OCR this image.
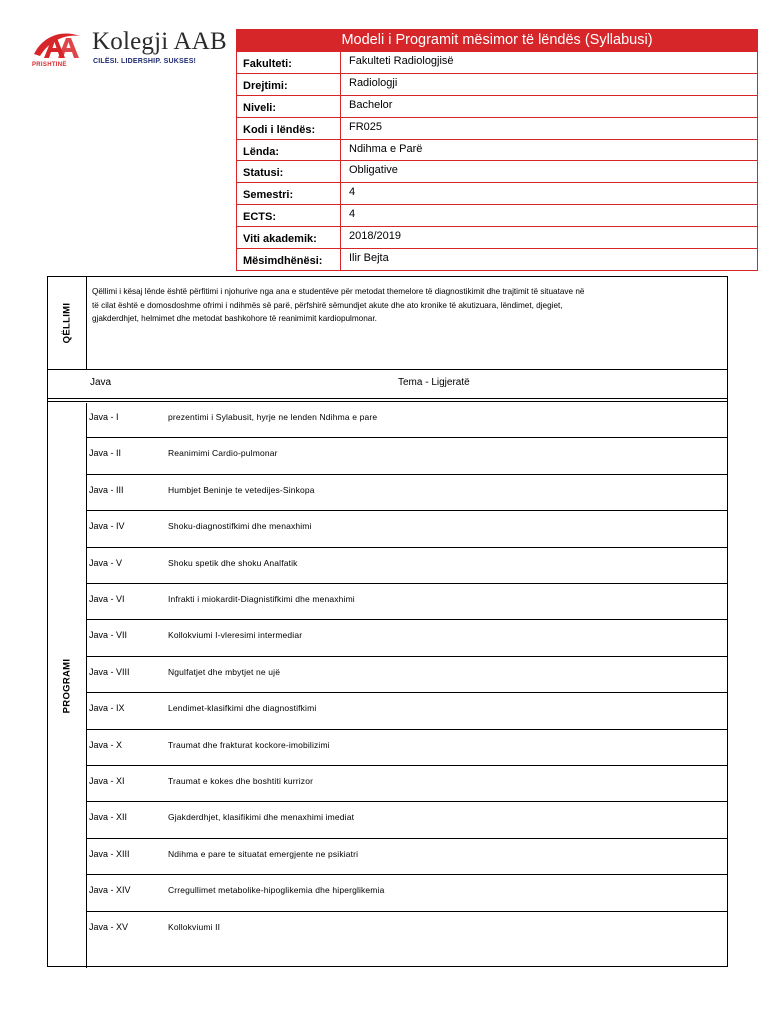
PRISHTINË
Kolegji AAB
CILËSI. LIDERSHIP. SUKSES!
Modeli i Programit mësimor të lëndës (Syllabusi)
Fakulteti:	Fakulteti Radiologjisë
Drejtimi:	Radiologji
Niveli:	Bachelor
Kodi i lëndës:	FR025
Lënda:	Ndihma e Parë
Statusi:	Obligative
Semestri:	4
ECTS:	4
Viti akademik:	2018/2019
Mësimdhënësi:	Ilir Bejta
QËLLIMI
Qëllimi i kësaj lënde është përfitimi i njohurive nga ana e studentëve për metodat themelore të diagnostikimit dhe trajtimit të situatave në
të cilat është e domosdoshme ofrimi i ndihmës së parë, përfshirë sëmundjet akute dhe ato kronike të akutizuara, lëndimet, djegiet,
gjakderdhjet, helmimet dhe metodat bashkohore të reanimimit kardiopulmonar.
Java	Tema - Ligjeratë
PROGRAMI
Java - I	prezentimi i Sylabusit, hyrje ne lenden Ndihma e pare
Java - II	Reanimimi Cardio-pulmonar
Java - III	Humbjet Beninje te vetedijes-Sinkopa
Java - IV	Shoku-diagnostifkimi dhe menaxhimi
Java - V	Shoku spetik dhe shoku Analfatik
Java - VI	Infrakti i miokardit-Diagnistifkimi dhe menaxhimi
Java - VII	Kollokviumi I-vleresimi intermediar
Java - VIII	Ngulfatjet dhe mbytjet ne ujë
Java - IX	Lendimet-klasifkimi dhe diagnostifkimi
Java - X	Traumat dhe frakturat kockore-imobilizimi
Java - XI	Traumat e kokes dhe boshtiti kurrizor
Java - XII	Gjakderdhjet, klasifikimi dhe menaxhimi imediat
Java - XIII	Ndihma e pare te situatat emergjente ne psikiatri
Java - XIV	Crregullimet metabolike-hipoglikemia dhe hiperglikemia
Java - XV	Kollokviumi II
